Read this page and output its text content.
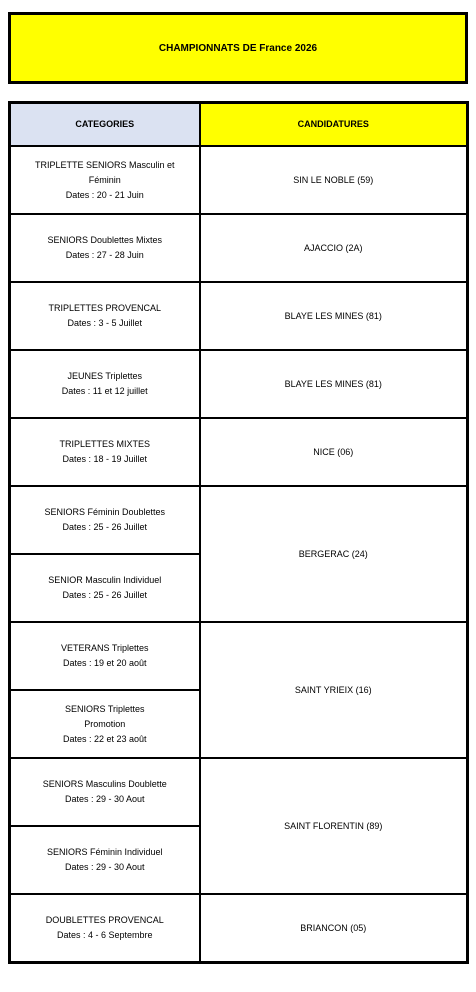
CHAMPIONNATS DE France 2026
CATEGORIES	CANDIDATURES

TRIPLETTE SENIORS Masculin et
Féminin
Dates : 20 - 21 Juin	SIN LE NOBLE (59)

SENIORS Doublettes Mixtes
Dates : 27 - 28 Juin	AJACCIO (2A)

TRIPLETTES PROVENCAL
Dates : 3 - 5 Juillet	BLAYE LES MINES (81)

JEUNES Triplettes
Dates : 11 et 12 juillet	BLAYE LES MINES (81)

TRIPLETTES MIXTES
Dates : 18 - 19 Juillet	NICE (06)

SENIORS Féminin Doublettes
Dates : 25 - 26 Juillet	BERGERAC (24)

SENIOR Masculin Individuel
Dates : 25 - 26 Juillet	

VETERANS Triplettes
Dates : 19 et 20 août	SAINT YRIEIX (16)

SENIORS Triplettes
Promotion
Dates : 22 et 23 août	

SENIORS Masculins Doublette
Dates : 29 - 30 Aout	SAINT FLORENTIN (89)

SENIORS Féminin Individuel
Dates : 29 - 30 Aout	

DOUBLETTES PROVENCAL
Dates : 4 - 6 Septembre	BRIANCON (05)
